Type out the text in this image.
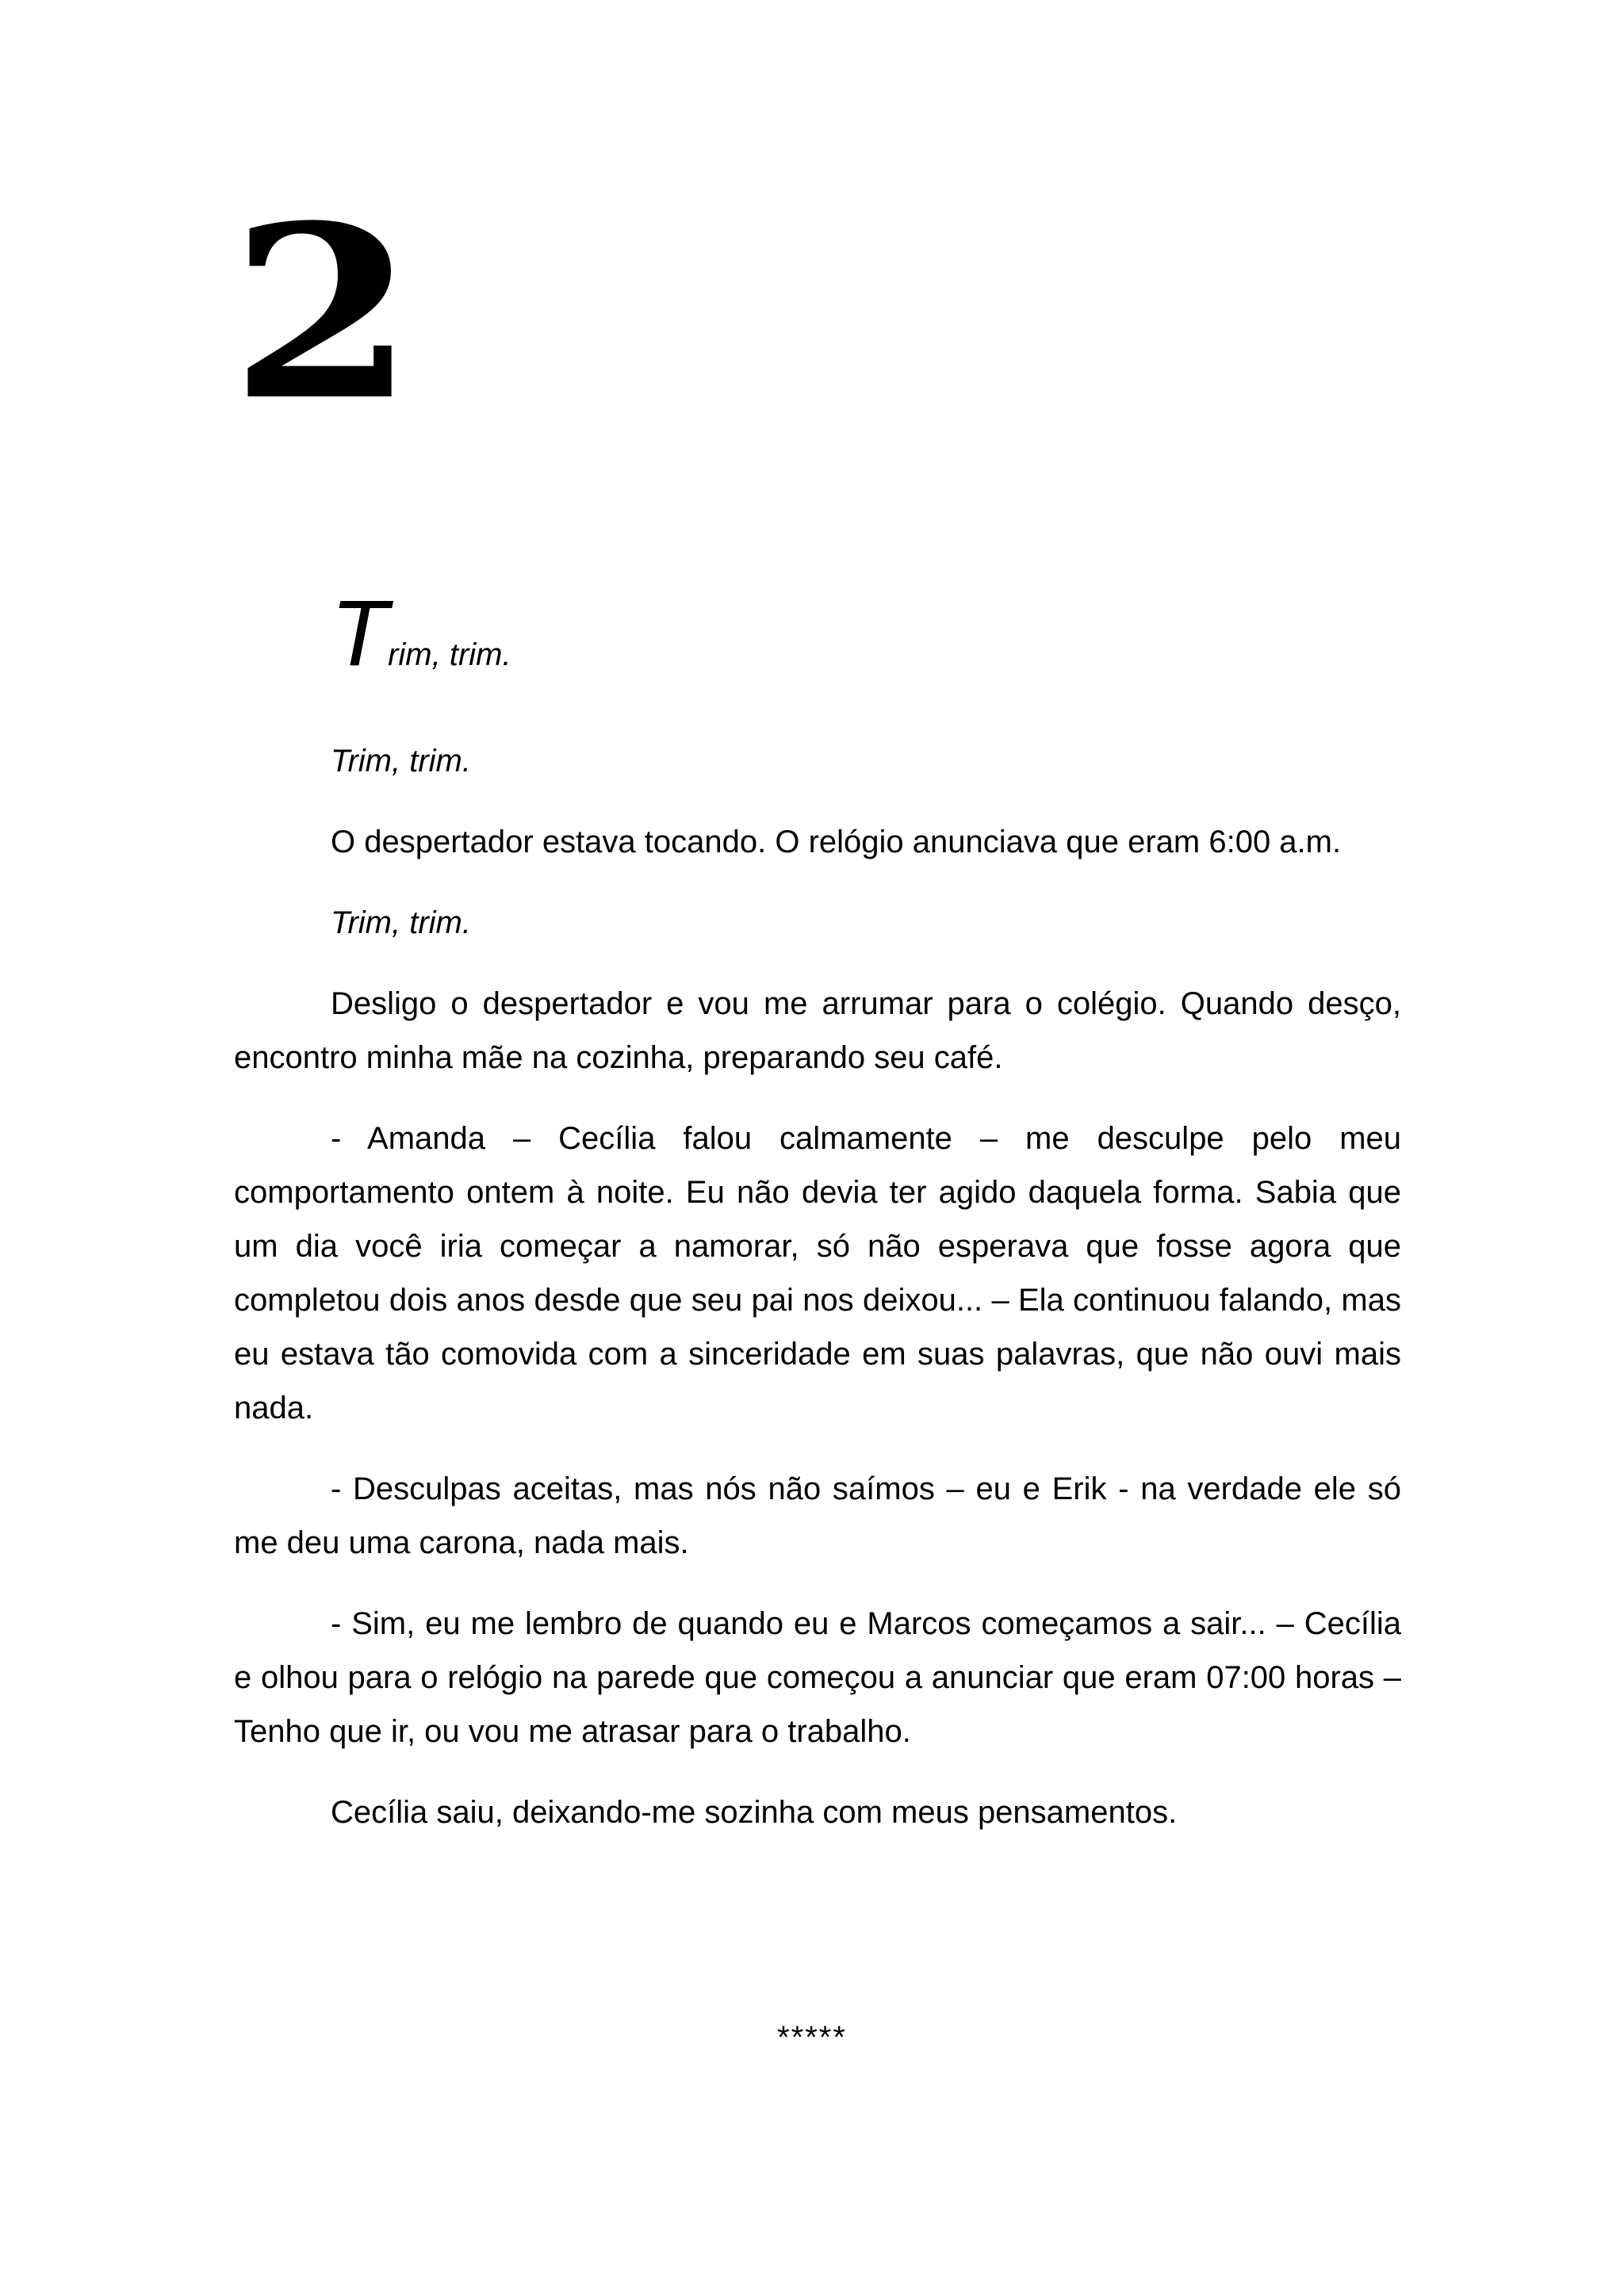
2

Trim, trim.

Trim, trim.

O despertador estava tocando. O relógio anunciava que eram 6:00 a.m.

Trim, trim.

Desligo o despertador e vou me arrumar para o colégio. Quando desço, encontro minha mãe na cozinha, preparando seu café.

- Amanda – Cecília falou calmamente – me desculpe pelo meu comportamento ontem à noite. Eu não devia ter agido daquela forma. Sabia que um dia você iria começar a namorar, só não esperava que fosse agora que completou dois anos desde que seu pai nos deixou... – Ela continuou falando, mas eu estava tão comovida com a sinceridade em suas palavras, que não ouvi mais nada.

- Desculpas aceitas, mas nós não saímos – eu e Erik - na verdade ele só me deu uma carona, nada mais.

- Sim, eu me lembro de quando eu e Marcos começamos a sair... – Cecília e olhou para o relógio na parede que começou a anunciar que eram 07:00 horas – Tenho que ir, ou vou me atrasar para o trabalho.

Cecília saiu, deixando-me sozinha com meus pensamentos.

*****
